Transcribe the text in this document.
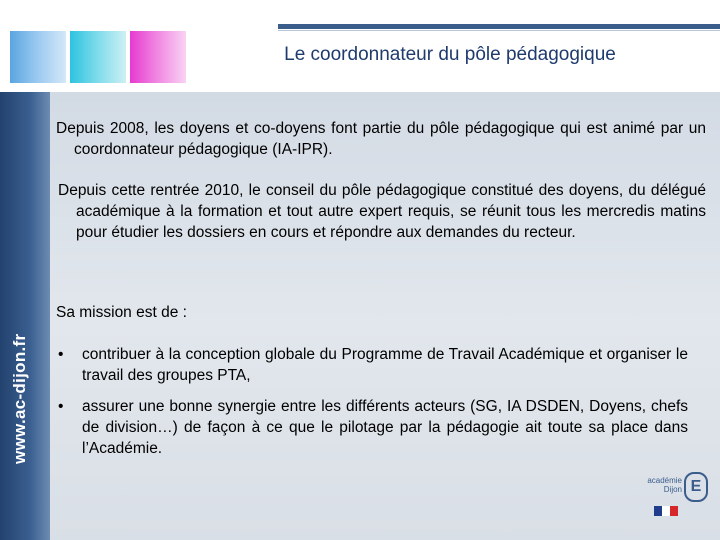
Le coordonnateur du pôle pédagogique
www.ac-dijon.fr

Depuis 2008, les doyens et co-doyens font partie du pôle pédagogique qui est animé par un coordonnateur pédagogique (IA-IPR).

Depuis cette rentrée 2010, le conseil du pôle pédagogique constitué des doyens, du délégué académique à la formation et tout autre expert requis, se réunit tous les mercredis matins pour étudier les dossiers en cours et répondre aux demandes du recteur.

Sa mission est de :

• contribuer à la conception globale du Programme de Travail Académique et organiser le travail des groupes PTA,
• assurer une bonne synergie entre les différents acteurs (SG, IA DSDEN, Doyens, chefs de division…) de façon à ce que le pilotage par la pédagogie ait toute sa place dans l’Académie.
académie
Dijon E
